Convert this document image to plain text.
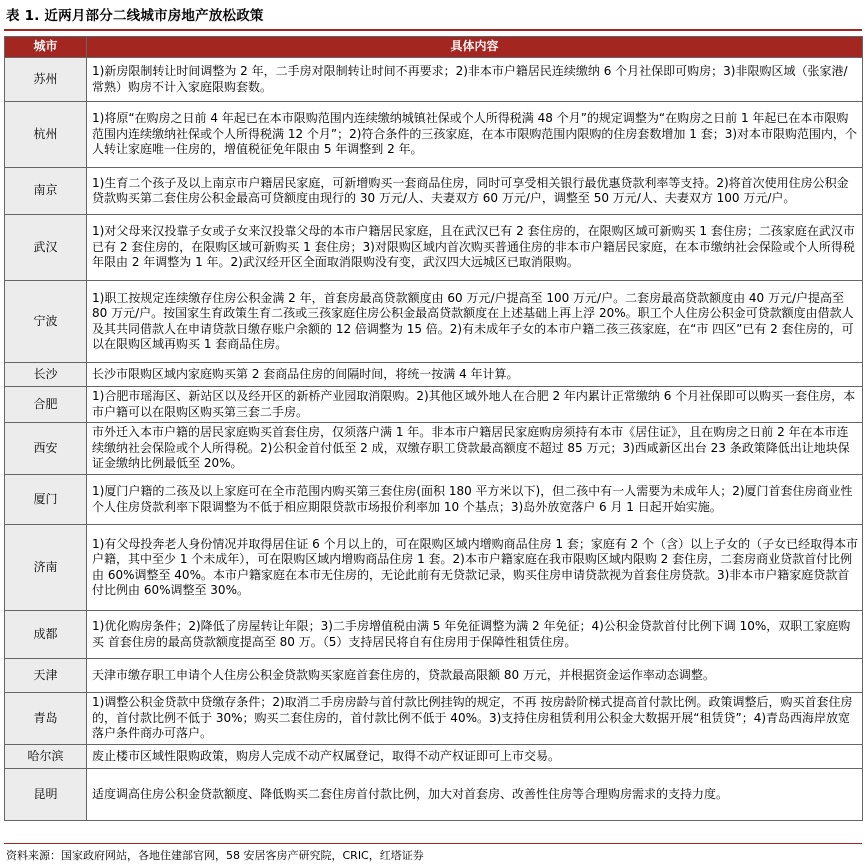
表 1. 近两月部分二线城市房地产放松政策
城市	具体内容
苏州	1)新房限制转让时间调整为 2 年，二手房对限制转让时间不再要求；2)非本市户籍居民连续缴纳 6 个月社保即可购房；3)非限购区域（张家港/常熟）购房不计入家庭限购套数。
杭州	1)将原“在购房之日前 4 年起已在本市限购范围内连续缴纳城镇社保或个人所得税满 48 个月”的规定调整为“在购房之日前 1 年起已在本市限购范围内连续缴纳社保或个人所得税满 12 个月”；2)符合条件的三孩家庭，在本市限购范围内限购的住房套数增加 1 套；3)对本市限购范围内，个人转让家庭唯一住房的，增值税征免年限由 5 年调整到 2 年。
南京	1)生育二个孩子及以上南京市户籍居民家庭，可新增购买一套商品住房，同时可享受相关银行最优惠贷款利率等支持。2)将首次使用住房公积金贷款购买第二套住房公积金最高可贷额度由现行的 30 万元/人、夫妻双方 60 万元/户，调整至 50 万元/人、夫妻双方 100 万元/户。
武汉	1)对父母来汉投靠子女或子女来汉投靠父母的本市户籍居民家庭，且在武汉已有 2 套住房的，在限购区域可新购买 1 套住房；二孩家庭在武汉市已有 2 套住房的，在限购区域可新购买 1 套住房；3)对限购区域内首次购买普通住房的非本市户籍居民家庭，在本市缴纳社会保险或个人所得税年限由 2 年调整为 1 年。2)武汉经开区全面取消限购没有变，武汉四大远城区已取消限购。
宁波	1)职工按规定连续缴存住房公积金满 2 年，首套房最高贷款额度由 60 万元/户提高至 100 万元/户。二套房最高贷款额度由 40 万元/户提高至 80 万元/户。按国家生育政策生育二孩或三孩家庭住房公积金最高贷款额度在上述基础上再上浮 20%。职工个人住房公积金可贷款额度由借款人及其共同借款人在申请贷款日缴存账户余额的 12 倍调整为 15 倍。2)有未成年子女的本市户籍二孩三孩家庭，在“市 四区”已有 2 套住房的，可以在限购区域再购买 1 套商品住房。
长沙	长沙市限购区域内家庭购买第 2 套商品住房的间隔时间，将统一按满 4 年计算。
合肥	1)合肥市瑶海区、新站区以及经开区的新桥产业园取消限购。2)其他区域外地人在合肥 2 年内累计正常缴纳 6 个月社保即可以购买一套住房，本市户籍可以在限购区购买第三套二手房。
西安	市外迁入本市户籍的居民家庭购买首套住房，仅须落户满 1 年。非本市户籍居民家庭购房须持有本市《居住证》，且在购房之日前 2 年在本市连续缴纳社会保险或个人所得税。2)公积金首付低至 2 成，双缴存职工贷款最高额度不超过 85 万元；3)西咸新区出台 23 条政策降低出让地块保证金缴纳比例最低至 20%。
厦门	1)厦门户籍的二孩及以上家庭可在全市范围内购买第三套住房(面积 180 平方米以下)，但二孩中有一人需要为未成年人；2)厦门首套住房商业性个人住房贷款利率下限调整为不低于相应期限贷款市场报价利率加 10 个基点；3)岛外放宽落户 6 月 1 日起开始实施。
济南	1)有父母投奔老人身份情况并取得居住证 6 个月以上的，可在限购区域内增购商品住房 1 套；家庭有 2 个（含）以上子女的（子女已经取得本市户籍，其中至少 1 个未成年），可在限购区域内增购商品住房 1 套。2)本市户籍家庭在我市限购区域内限购 2 套住房，二套房商业贷款首付比例由 60%调整至 40%。本市户籍家庭在本市无住房的，无论此前有无贷款记录，购买住房申请贷款视为首套住房贷款。3)非本市户籍家庭贷款首付比例由 60%调整至 30%。
成都	1)优化购房条件；2)降低了房屋转让年限；3)二手房增值税由满 5 年免征调整为满 2 年免征；4)公积金贷款首付比例下调 10%，双职工家庭购买 首套住房的最高贷款额度提高至 80 万。（5）支持居民将自有住房用于保障性租赁住房。
天津	天津市缴存职工申请个人住房公积金贷款购买家庭首套住房的，贷款最高限额 80 万元，并根据资金运作率动态调整。
青岛	1)调整公积金贷款中贷缴存条件；2)取消二手房房龄与首付款比例挂钩的规定，不再 按房龄阶梯式提高首付款比例。政策调整后，购买首套住房的，首付款比例不低于 30%；购买二套住房的，首付款比例不低于 40%。3)支持住房租赁利用公积金大数据开展“租赁贷”；4)青岛西海岸放宽落户条件商办可落户。
哈尔滨	废止楼市区域性限购政策，购房人完成不动产权属登记，取得不动产权证即可上市交易。
昆明	适度调高住房公积金贷款额度、降低购买二套住房首付款比例，加大对首套房、改善性住房等合理购房需求的支持力度。
资料来源：国家政府网站，各地住建部官网，58 安居客房产研究院，CRIC，红塔证券
